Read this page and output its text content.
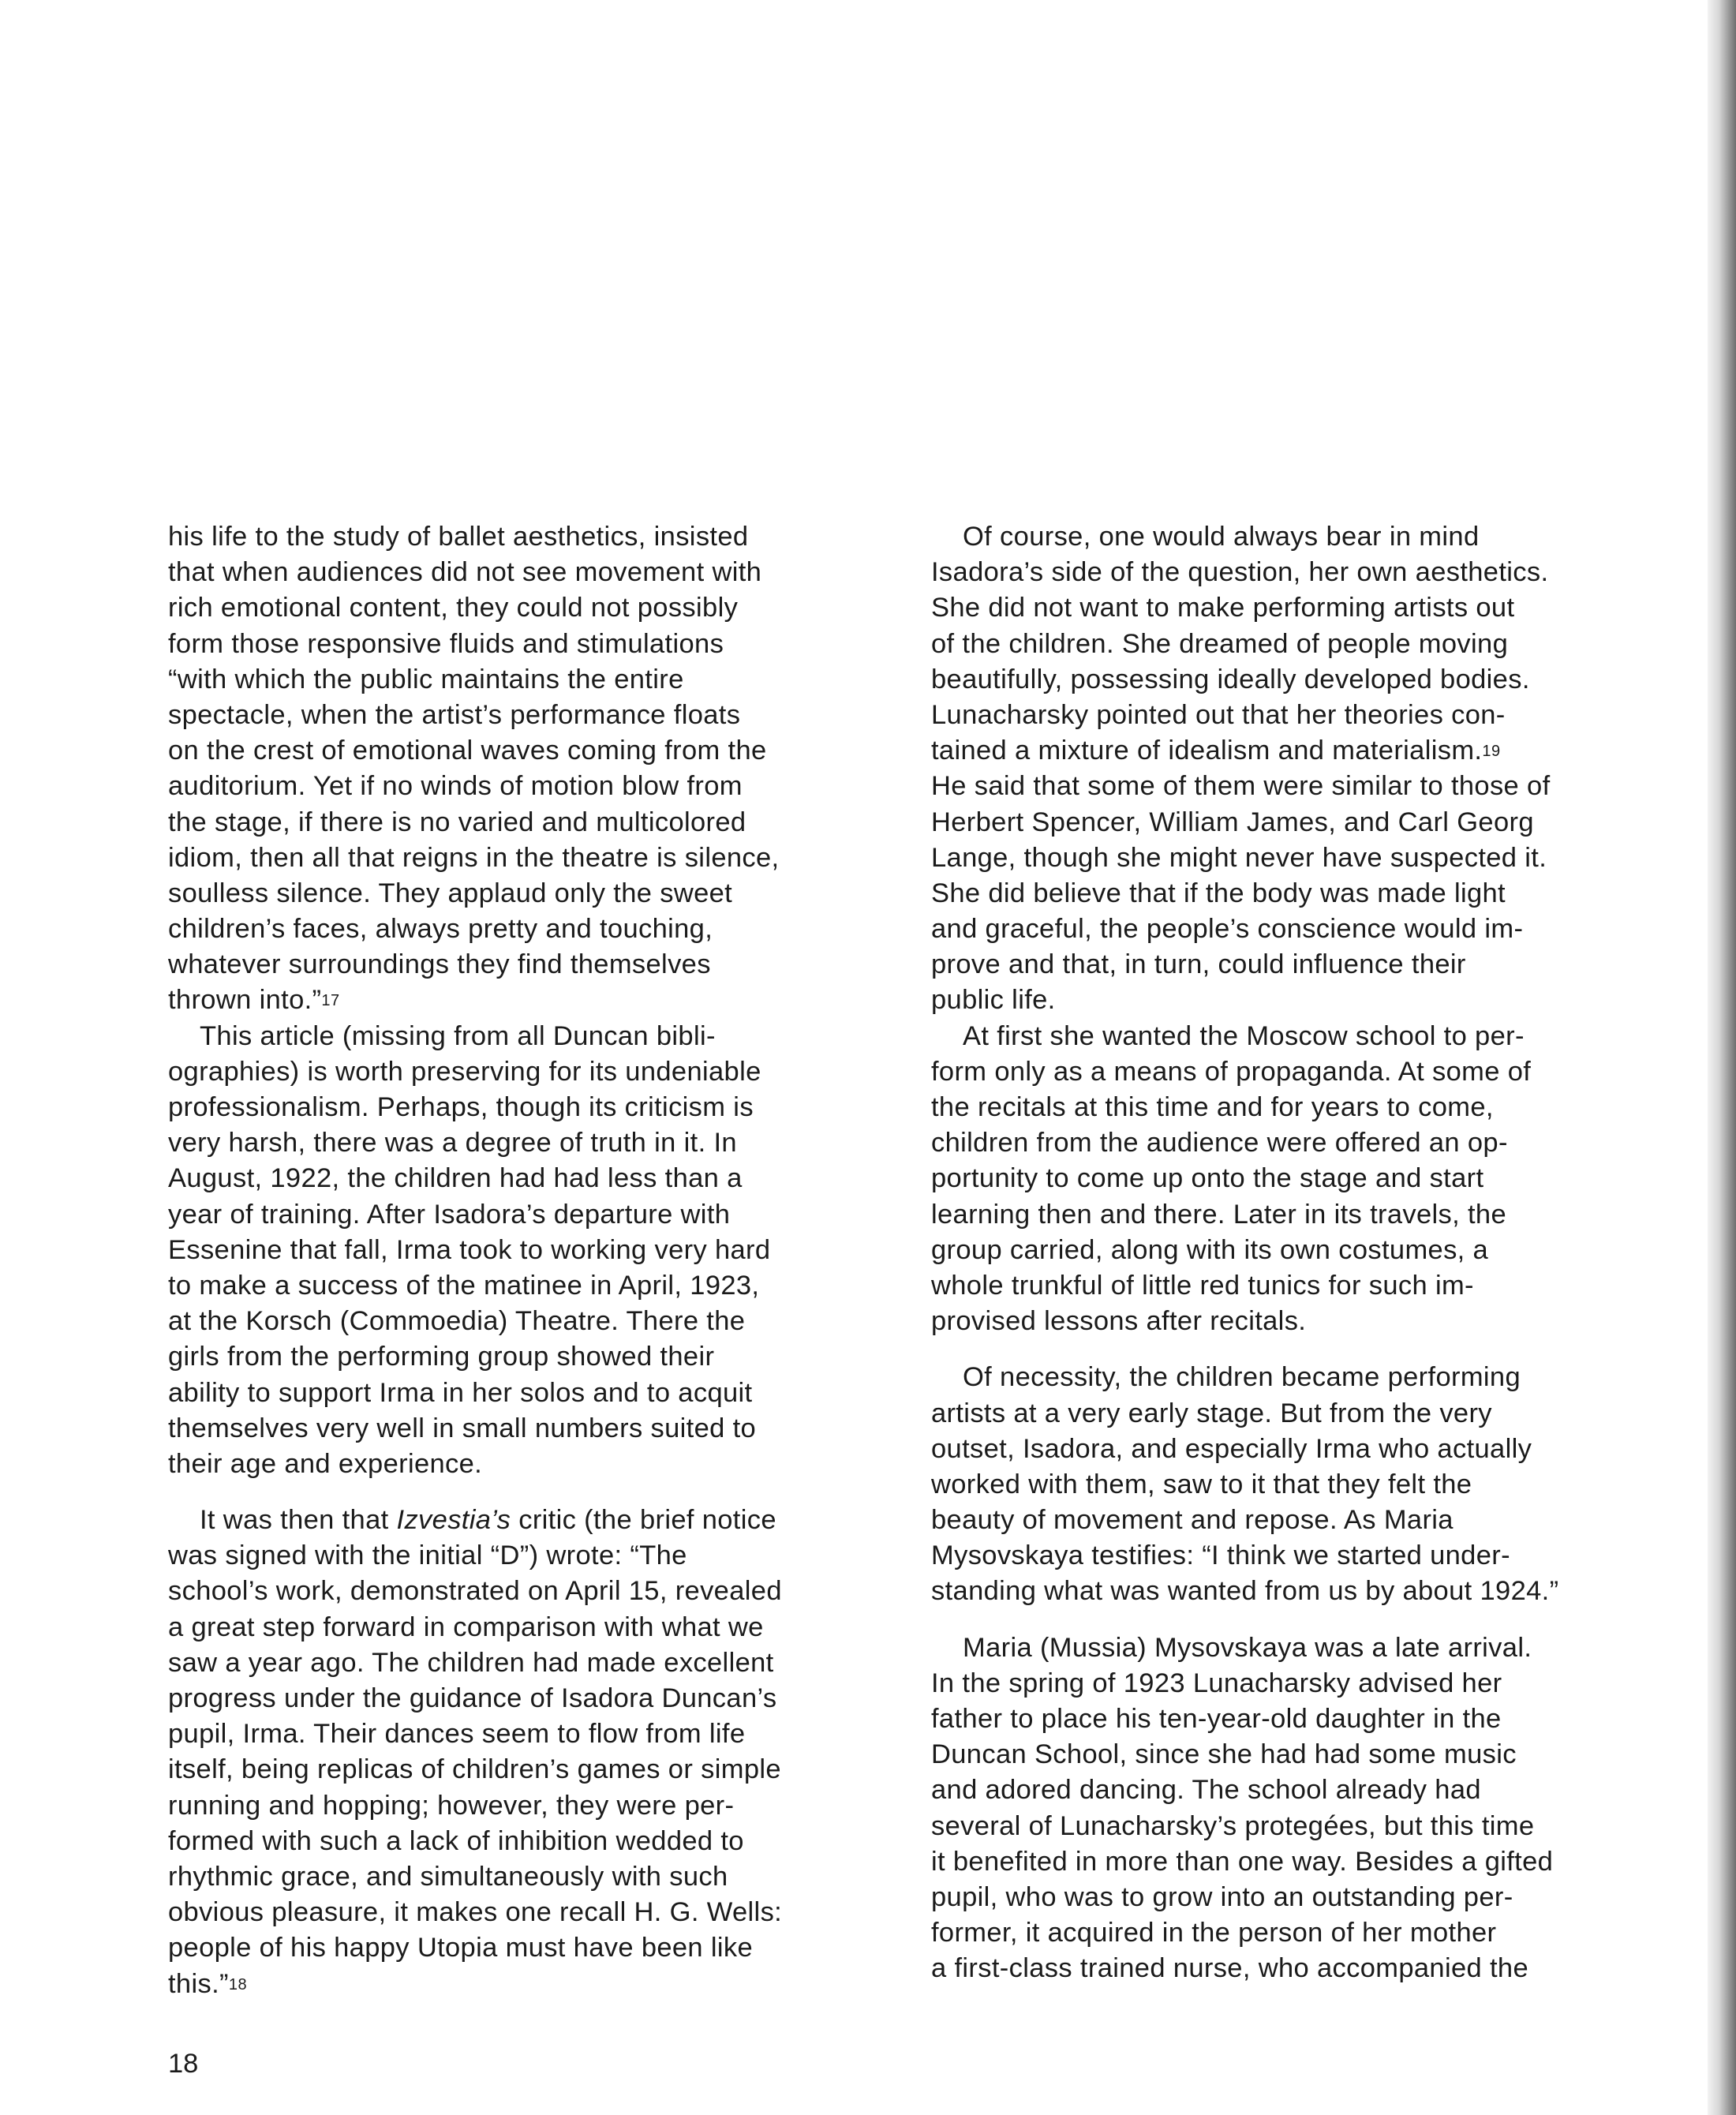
his life to the study of ballet aesthetics, insisted
that when audiences did not see movement with
rich emotional content, they could not possibly
form those responsive fluids and stimulations
“with which the public maintains the entire
spectacle, when the artist’s performance floats
on the crest of emotional waves coming from the
auditorium. Yet if no winds of motion blow from
the stage, if there is no varied and multicolored
idiom, then all that reigns in the theatre is silence,
soulless silence. They applaud only the sweet
children’s faces, always pretty and touching,
whatever surroundings they find themselves
thrown into.”$^{17}$
This article (missing from all Duncan bibli-
ographies) is worth preserving for its undeniable
professionalism. Perhaps, though its criticism is
very harsh, there was a degree of truth in it. In
August, 1922, the children had had less than a
year of training. After Isadora’s departure with
Essenine that fall, Irma took to working very hard
to make a success of the matinee in April, 1923,
at the Korsch (Commoedia) Theatre. There the
girls from the performing group showed their
ability to support Irma in her solos and to acquit
themselves very well in small numbers suited to
their age and experience.
It was then that Izvestia’s critic (the brief notice
was signed with the initial “D”) wrote: “The
school’s work, demonstrated on April 15, revealed
a great step forward in comparison with what we
saw a year ago. The children had made excellent
progress under the guidance of Isadora Duncan’s
pupil, Irma. Their dances seem to flow from life
itself, being replicas of children’s games or simple
running and hopping; however, they were per-
formed with such a lack of inhibition wedded to
rhythmic grace, and simultaneously with such
obvious pleasure, it makes one recall H. G. Wells:
people of his happy Utopia must have been like
this.”$^{18}$
Of course, one would always bear in mind
Isadora’s side of the question, her own aesthetics.
She did not want to make performing artists out
of the children. She dreamed of people moving
beautifully, possessing ideally developed bodies.
Lunacharsky pointed out that her theories con-
tained a mixture of idealism and materialism.$^{19}$
He said that some of them were similar to those of
Herbert Spencer, William James, and Carl Georg
Lange, though she might never have suspected it.
She did believe that if the body was made light
and graceful, the people’s conscience would im-
prove and that, in turn, could influence their
public life.
At first she wanted the Moscow school to per-
form only as a means of propaganda. At some of
the recitals at this time and for years to come,
children from the audience were offered an op-
portunity to come up onto the stage and start
learning then and there. Later in its travels, the
group carried, along with its own costumes, a
whole trunkful of little red tunics for such im-
provised lessons after recitals.
Of necessity, the children became performing
artists at a very early stage. But from the very
outset, Isadora, and especially Irma who actually
worked with them, saw to it that they felt the
beauty of movement and repose. As Maria
Mysovskaya testifies: “I think we started under-
standing what was wanted from us by about 1924.”
Maria (Mussia) Mysovskaya was a late arrival.
In the spring of 1923 Lunacharsky advised her
father to place his ten-year-old daughter in the
Duncan School, since she had had some music
and adored dancing. The school already had
several of Lunacharsky’s protegées, but this time
it benefited in more than one way. Besides a gifted
pupil, who was to grow into an outstanding per-
former, it acquired in the person of her mother
a first-class trained nurse, who accompanied the
18
